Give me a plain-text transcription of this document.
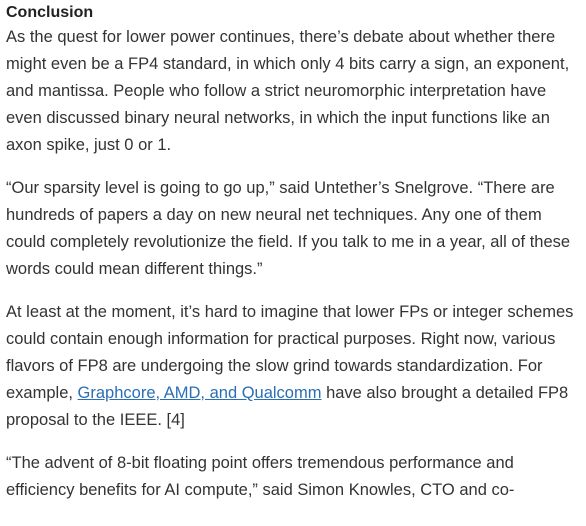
Conclusion

As the quest for lower power continues, there’s debate about whether there might even be a FP4 standard, in which only 4 bits carry a sign, an exponent, and mantissa. People who follow a strict neuromorphic interpretation have even discussed binary neural networks, in which the input functions like an axon spike, just 0 or 1.

“Our sparsity level is going to go up,” said Untether’s Snelgrove. “There are hundreds of papers a day on new neural net techniques. Any one of them could completely revolutionize the field. If you talk to me in a year, all of these words could mean different things.”

At least at the moment, it’s hard to imagine that lower FPs or integer schemes could contain enough information for practical purposes. Right now, various flavors of FP8 are undergoing the slow grind towards standardization. For example, Graphcore, AMD, and Qualcomm have also brought a detailed FP8 proposal to the IEEE. [4]

“The advent of 8-bit floating point offers tremendous performance and efficiency benefits for AI compute,” said Simon Knowles, CTO and co-
